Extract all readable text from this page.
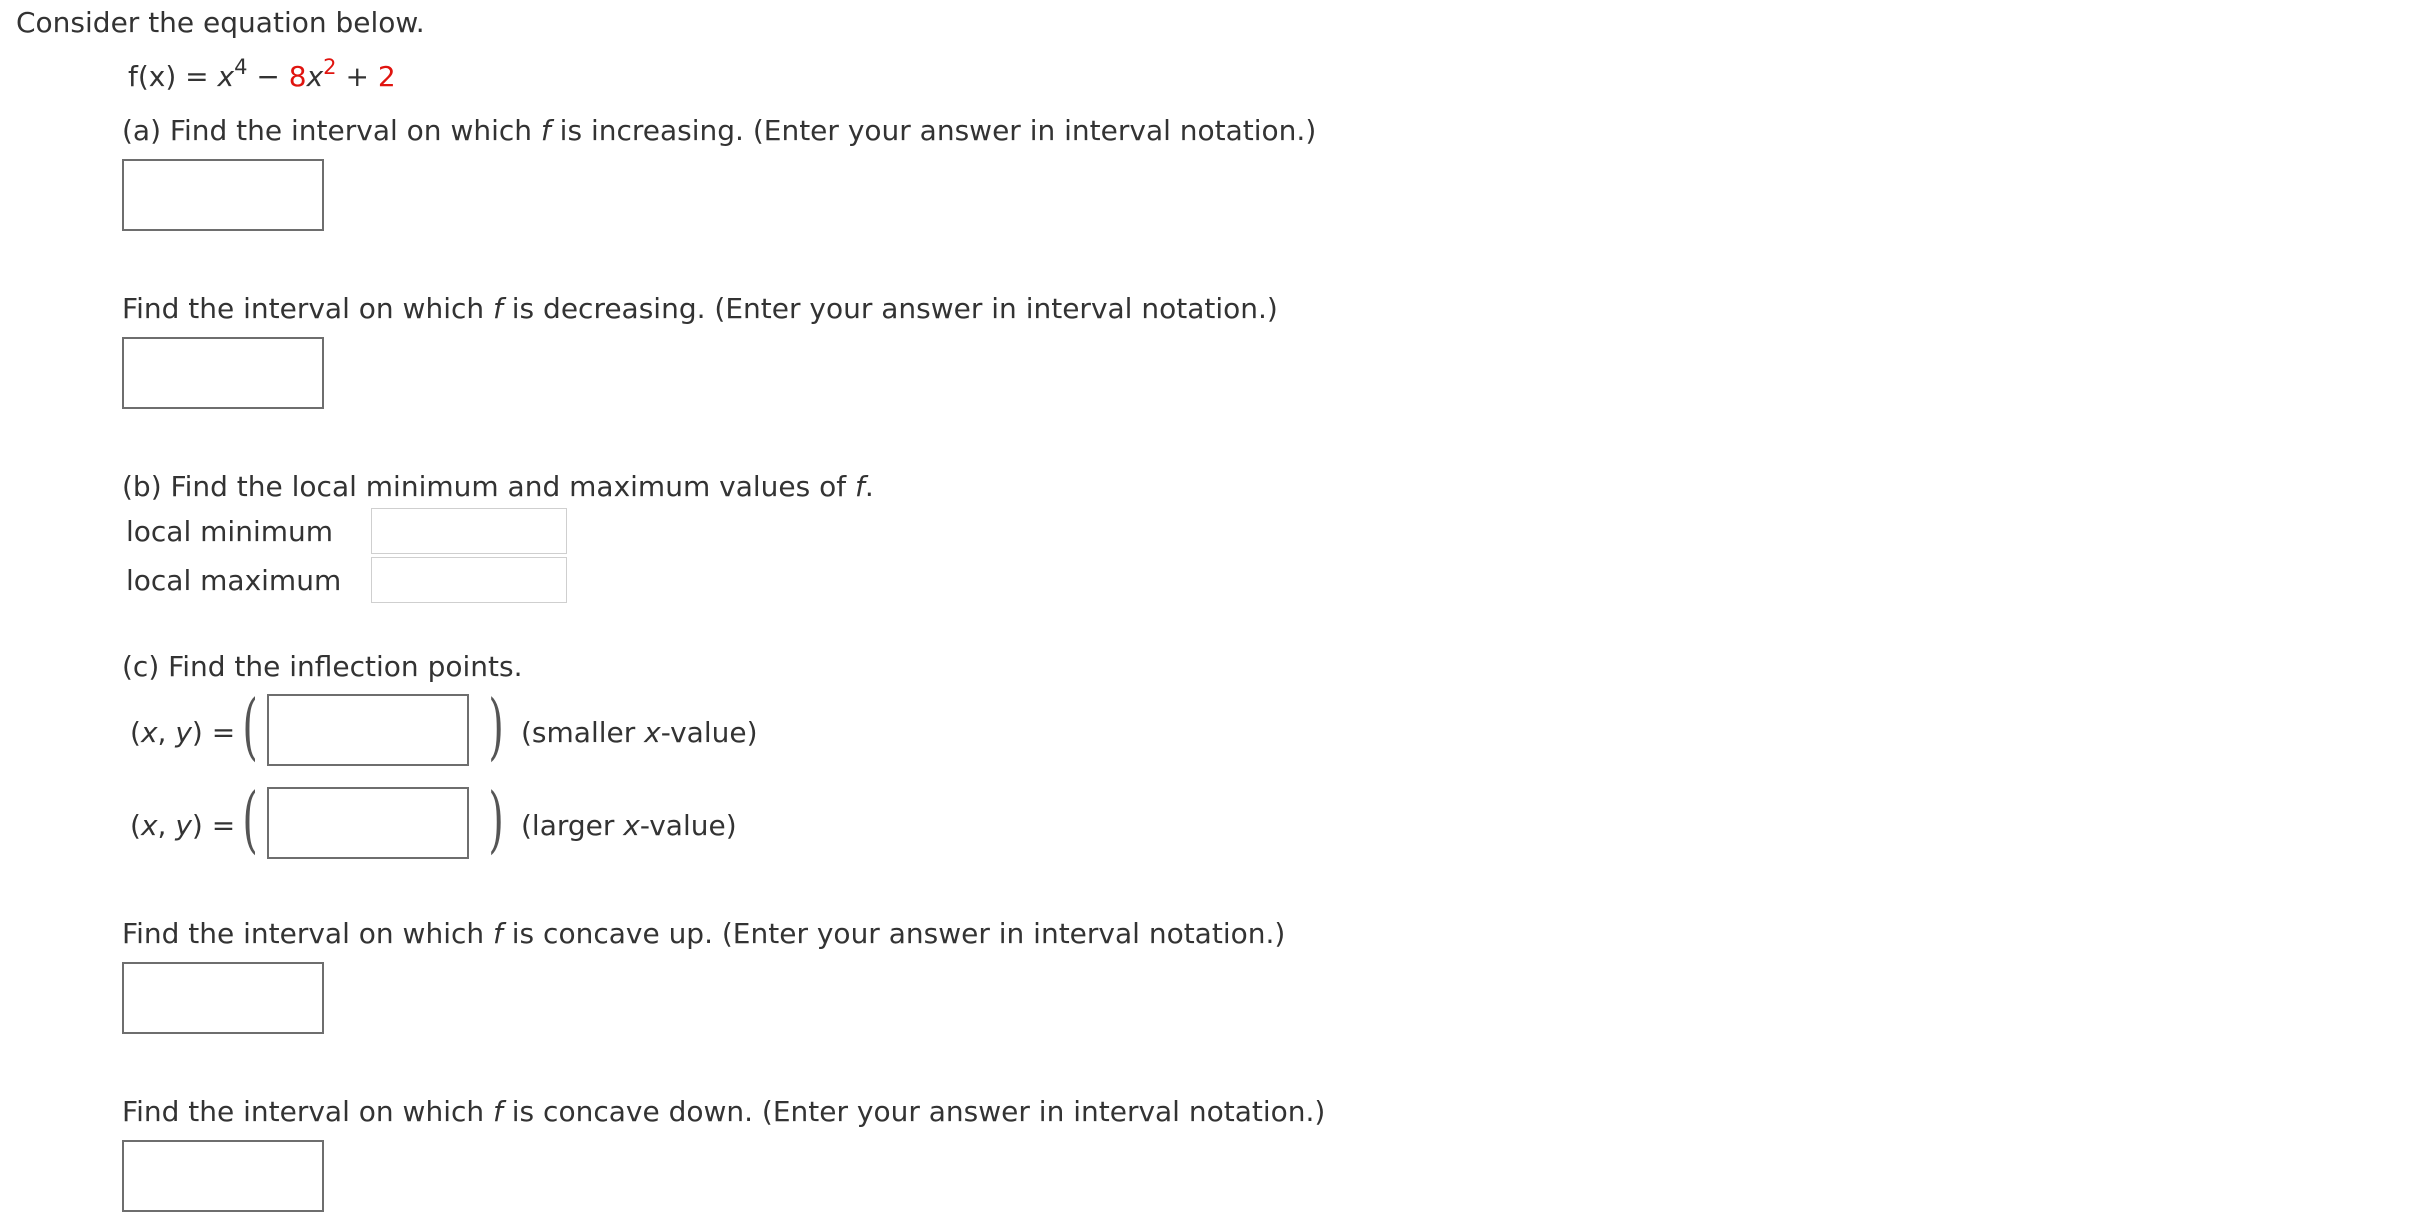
Consider the equation below.
$f(x) = x^4 - 8x^2 + 2$
(a) Find the interval on which f is increasing. (Enter your answer in interval notation.)
Find the interval on which f is decreasing. (Enter your answer in interval notation.)
(b) Find the local minimum and maximum values of f.
local minimum
local maximum
(c) Find the inflection points.
(x, y) = (	) (smaller x-value)
(x, y) = (	) (larger x-value)
Find the interval on which f is concave up. (Enter your answer in interval notation.)
Find the interval on which f is concave down. (Enter your answer in interval notation.)
